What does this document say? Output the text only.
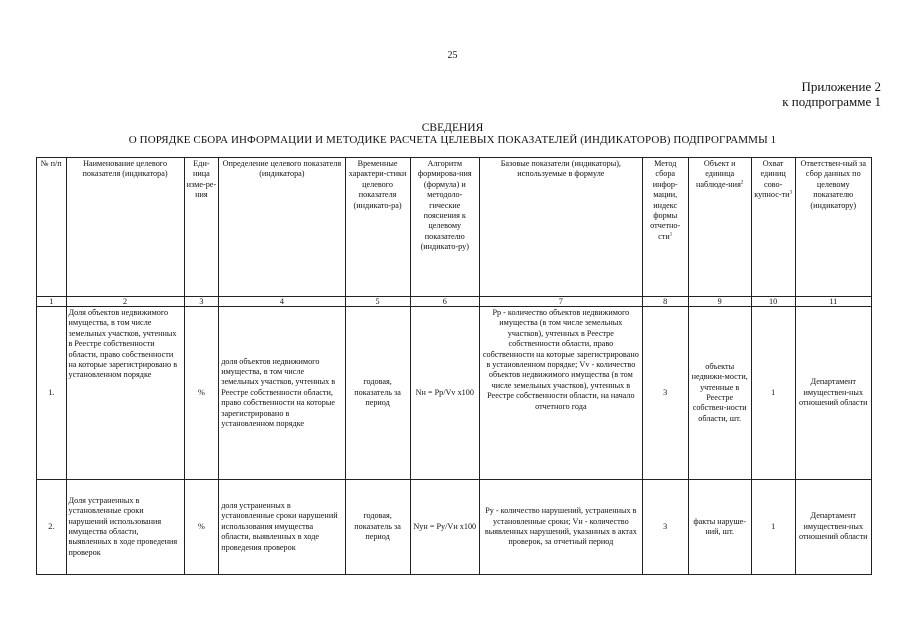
25
Приложение 2
к подпрограмме 1
СВЕДЕНИЯ
О ПОРЯДКЕ СБОРА ИНФОРМАЦИИ И МЕТОДИКЕ РАСЧЕТА ЦЕЛЕВЫХ ПОКАЗАТЕЛЕЙ (ИНДИКАТОРОВ) ПОДПРОГРАММЫ 1
№ п/п	Наименование целевого показателя (индикатора)	Еди-ница изме-ре-ния	Определение целевого показателя (индикатора)	Временные характери-стики целевого показателя (индикато-ра)	Алгоритм формирова-ния (формула) и методоло-гические пояснения к целевому показателю (индикато-ру)	Базовые показатели (индикаторы), используемые в формуле	Метод сбора инфор-мации, индекс формы отчетно-сти$^1$	Объект и единица наблюде-ния$^2$	Охват единиц сово-$купнос-ти^3$	Ответствен-ный за сбор данных по целевому показателю (индикатору)
1	2	3	4	5	6	7	8	9	10	11
1.	Доля объектов недвижимого имущества, в том числе земельных участков, учтенных в Реестре собственности области, право собственности на которые зарегистрировано в установленном порядке	%	доля объектов недвижимого имущества, в том числе земельных участков, учтенных в Реестре собственности области, право собственности на которые зарегистрировано в установленном порядке	годовая, показатель за период	Nн = Pp/Vv x100	Pp - количество объектов недвижимого имущества (в том числе земельных участков), учтенных в Реестре собственности области, право собственности на которые зарегистрировано в установленном порядке; Vv - количество объектов недвижимого имущества (в том числе земельных участков), учтенных в Реестре собственности области, на начало отчетного года	3	объекты недвижи-мости, учтенные в Реестре собствен-ности области, шт.	1	Департамент имуществен-ных отношений области
2.	Доля устраненных в установленные сроки нарушений использования имущества области, выявленных в ходе проведения проверок	%	доля устраненных в установленные сроки нарушений использования имущества области, выявленных в ходе проведения проверок	годовая, показатель за период	Nун = Py/Vн x100	Py - количество нарушений, устраненных в установленные сроки; Vн - количество выявленных нарушений, указанных в актах проверок, за отчетный период	3	факты наруше-ний, шт.	1	Департамент имуществен-ных отношений области
